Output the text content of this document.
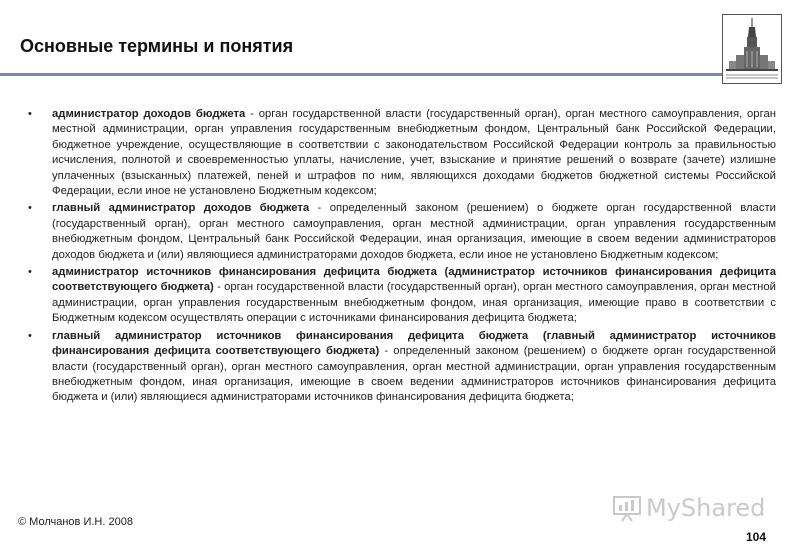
Основные термины и понятия
• администратор доходов бюджета - орган государственной власти (государственный орган), орган местного самоуправления, орган местной администрации, орган управления государственным внебюджетным фондом, Центральный банк Российской Федерации, бюджетное учреждение, осуществляющие в соответствии с законодательством Российской Федерации контроль за правильностью исчисления, полнотой и своевременностью уплаты, начисление, учет, взыскание и принятие решений о возврате (зачете) излишне уплаченных (взысканных) платежей, пеней и штрафов по ним, являющихся доходами бюджетов бюджетной системы Российской Федерации, если иное не установлено Бюджетным кодексом;
• главный администратор доходов бюджета - определенный законом (решением) о бюджете орган государственной власти (государственный орган), орган местного самоуправления, орган местной администрации, орган управления государственным внебюджетным фондом, Центральный банк Российской Федерации, иная организация, имеющие в своем ведении администраторов доходов бюджета и (или) являющиеся администраторами доходов бюджета, если иное не установлено Бюджетным кодексом;
• администратор источников финансирования дефицита бюджета (администратор источников финансирования дефицита соответствующего бюджета) - орган государственной власти (государственный орган), орган местного самоуправления, орган местной администрации, орган управления государственным внебюджетным фондом, иная организация, имеющие право в соответствии с Бюджетным кодексом осуществлять операции с источниками финансирования дефицита бюджета;
• главный администратор источников финансирования дефицита бюджета (главный администратор источников финансирования дефицита соответствующего бюджета) - определенный законом (решением) о бюджете орган государственной власти (государственный орган), орган местного самоуправления, орган местной администрации, орган управления государственным внебюджетным фондом, иная организация, имеющие в своем ведении администраторов источников финансирования дефицита бюджета и (или) являющиеся администраторами источников финансирования дефицита бюджета;
MyShared
© Молчанов И.Н. 2008
104
